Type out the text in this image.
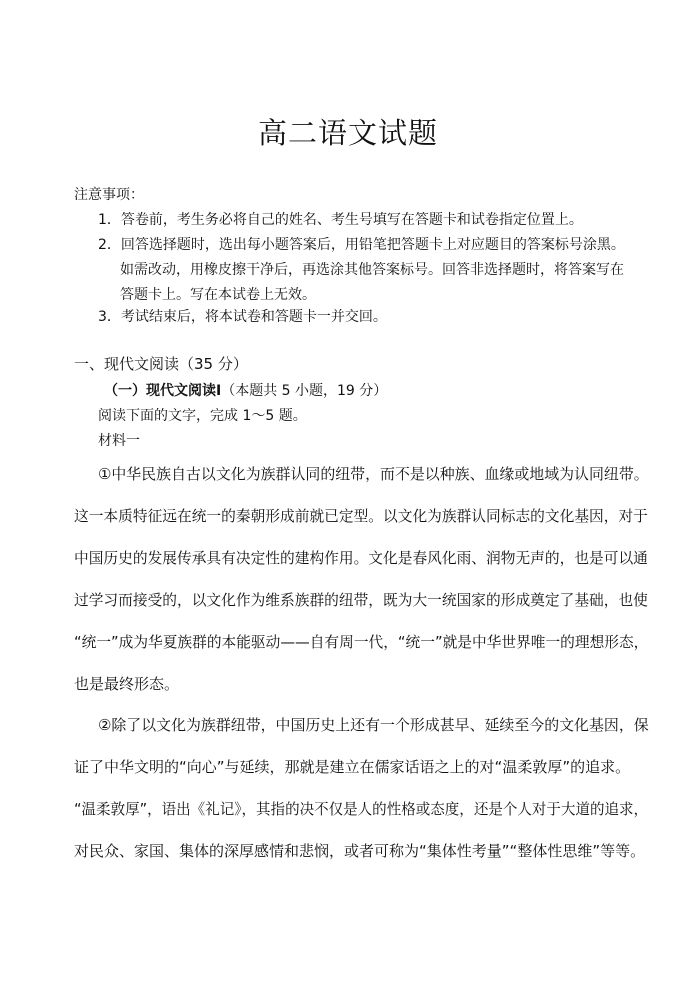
高二语文试题
注意事项：
1．答卷前，考生务必将自己的姓名、考生号填写在答题卡和试卷指定位置上。
2．回答选择题时，选出每小题答案后，用铅笔把答题卡上对应题目的答案标号涂黑。
如需改动，用橡皮擦干净后，再选涂其他答案标号。回答非选择题时，将答案写在
答题卡上。写在本试卷上无效。
3．考试结束后，将本试卷和答题卡一并交回。
一、现代文阅读（35 分）
（一）现代文阅读Ⅰ（本题共 5 小题，19 分）
阅读下面的文字，完成 1～5 题。
材料一
①中华民族自古以文化为族群认同的纽带，而不是以种族、血缘或地域为认同纽带。
这一本质特征远在统一的秦朝形成前就已定型。以文化为族群认同标志的文化基因，对于
中国历史的发展传承具有决定性的建构作用。文化是春风化雨、润物无声的，也是可以通
过学习而接受的，以文化作为维系族群的纽带，既为大一统国家的形成奠定了基础，也使
“统一”成为华夏族群的本能驱动——自有周一代，“统一”就是中华世界唯一的理想形态，
也是最终形态。
②除了以文化为族群纽带，中国历史上还有一个形成甚早、延续至今的文化基因，保
证了中华文明的“向心”与延续，那就是建立在儒家话语之上的对“温柔敦厚”的追求。
“温柔敦厚”，语出《礼记》，其指的决不仅是人的性格或态度，还是个人对于大道的追求，
对民众、家国、集体的深厚感情和悲悯，或者可称为“集体性考量”“整体性思维”等等。
